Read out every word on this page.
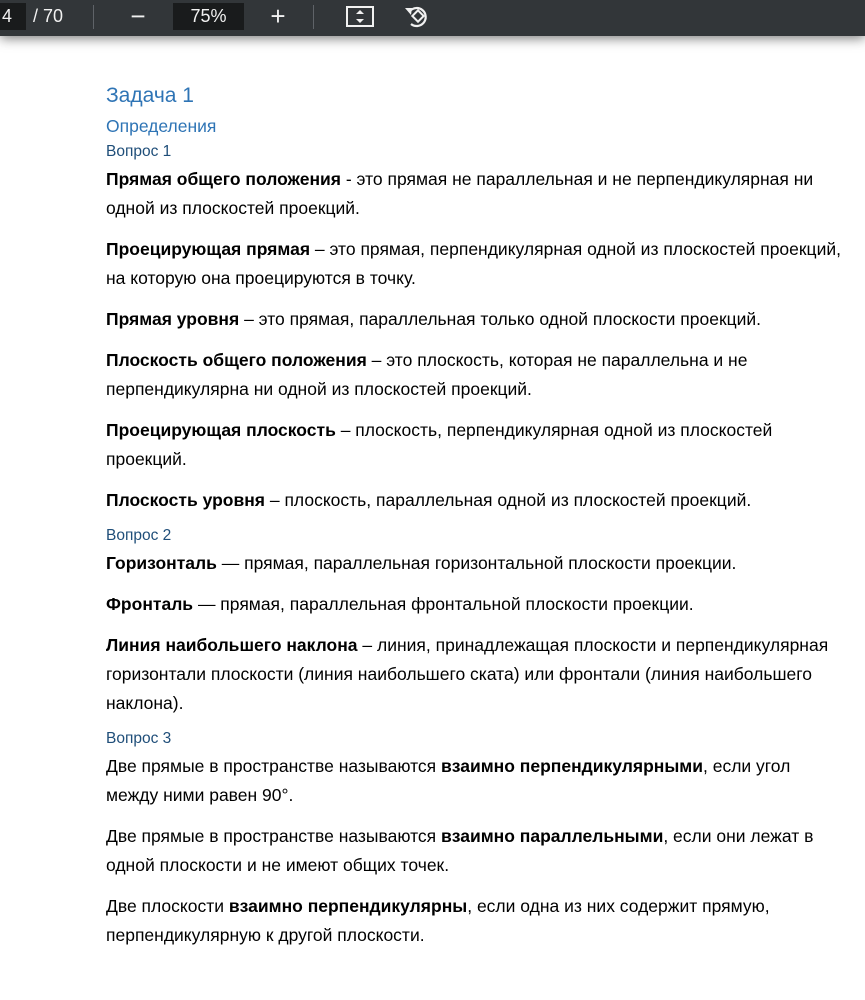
4	/ 70	−	75%	+
Задача 1
Определения
Вопрос 1
Прямая общего положения - это прямая не параллельная и не перпендикулярная ни одной из плоскостей проекций.
Проецирующая прямая – это прямая, перпендикулярная одной из плоскостей проекций, на которую она проецируются в точку.
Прямая уровня – это прямая, параллельная только одной плоскости проекций.
Плоскость общего положения – это плоскость, которая не параллельна и не перпендикулярна ни одной из плоскостей проекций.
Проецирующая плоскость – плоскость, перпендикулярная одной из плоскостей проекций.
Плоскость уровня – плоскость, параллельная одной из плоскостей проекций.
Вопрос 2
Горизонталь — прямая, параллельная горизонтальной плоскости проекции.
Фронталь — прямая, параллельная фронтальной плоскости проекции.
Линия наибольшего наклона – линия, принадлежащая плоскости и перпендикулярная горизонтали плоскости (линия наибольшего ската) или фронтали (линия наибольшего наклона).
Вопрос 3
Две прямые в пространстве называются взаимно перпендикулярными, если угол между ними равен 90°.
Две прямые в пространстве называются взаимно параллельными, если они лежат в одной плоскости и не имеют общих точек.
Две плоскости взаимно перпендикулярны, если одна из них содержит прямую, перпендикулярную к другой плоскости.
